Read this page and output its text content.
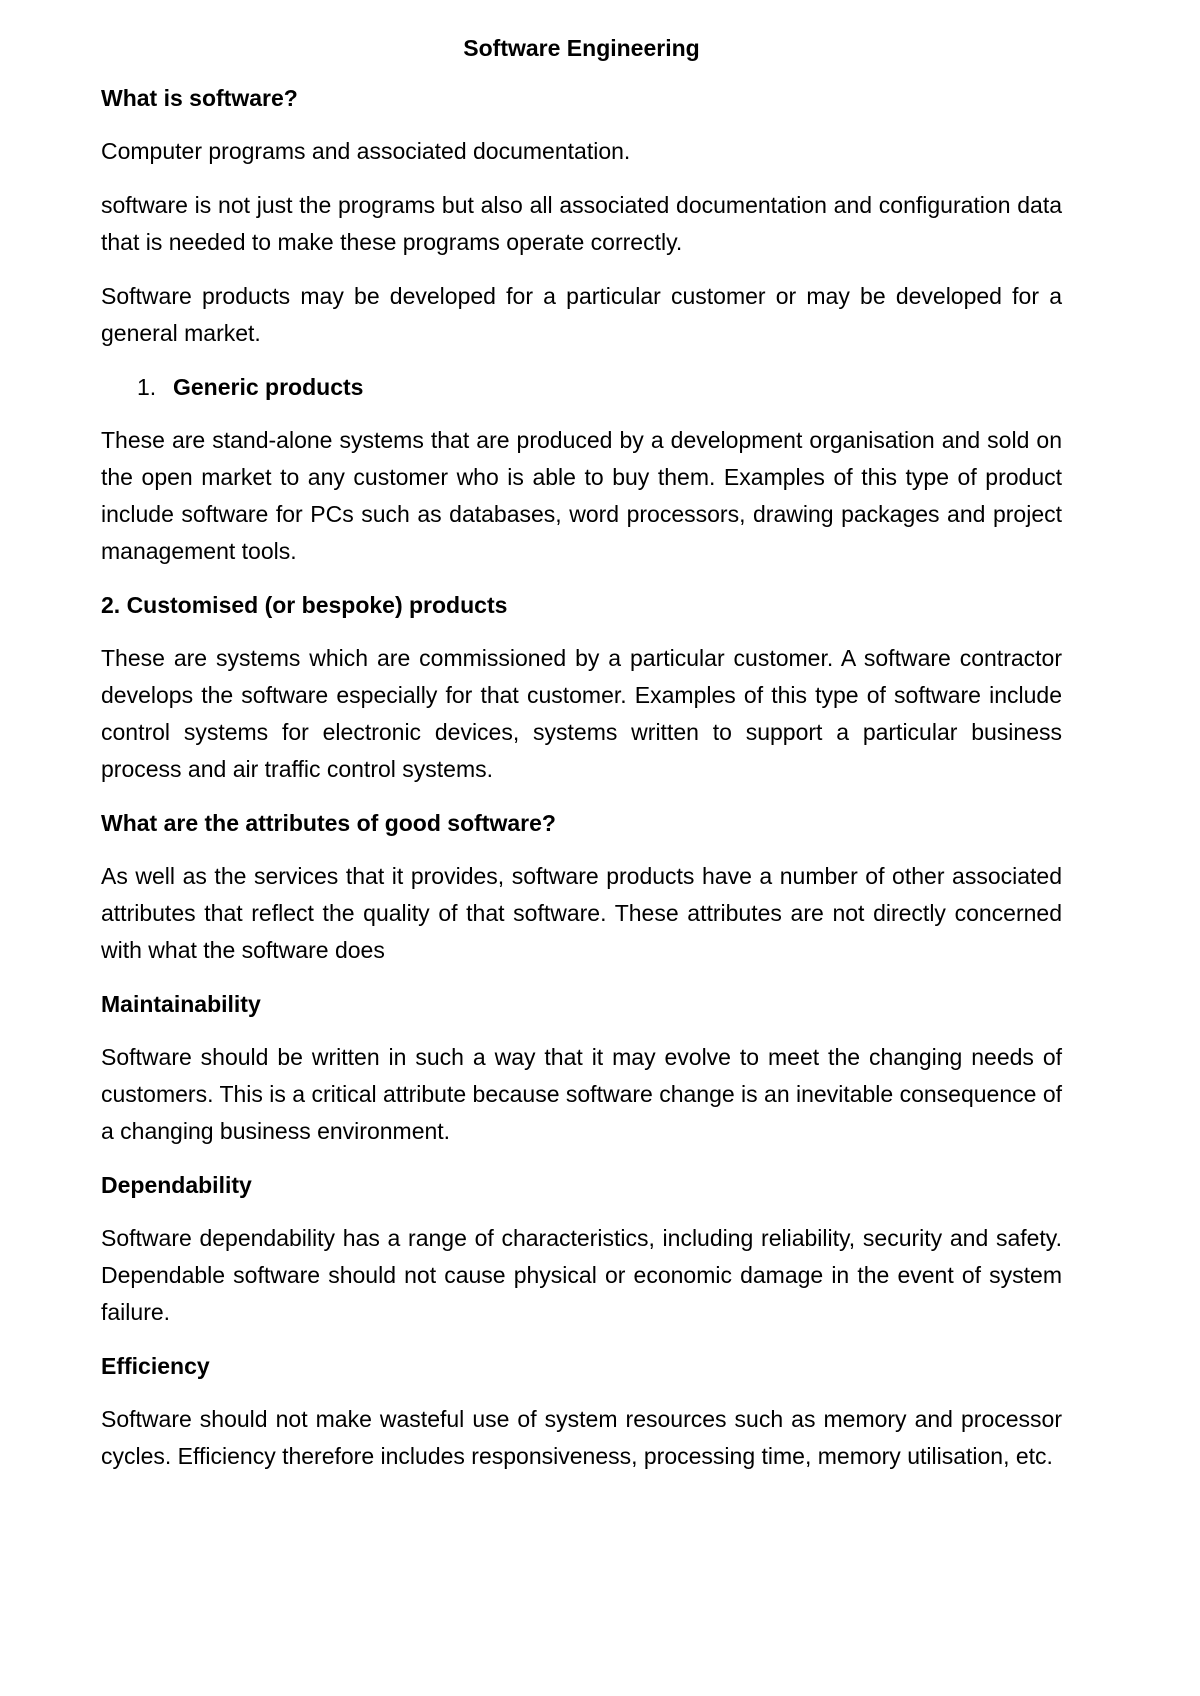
Software Engineering
What is software?
Computer programs and associated documentation.
software is not just the programs but also all associated documentation and configuration data that is needed to make these programs operate correctly.
Software products may be developed for a particular customer or may be developed for a general market.
1. Generic products
These are stand-alone systems that are produced by a development organisation and sold on the open market to any customer who is able to buy them. Examples of this type of product include software for PCs such as databases, word processors, drawing packages and project management tools.
2. Customised (or bespoke) products
These are systems which are commissioned by a particular customer. A software contractor develops the software especially for that customer. Examples of this type of software include control systems for electronic devices, systems written to support a particular business process and air traffic control systems.
What are the attributes of good software?
As well as the services that it provides, software products have a number of other associated attributes that reflect the quality of that software. These attributes are not directly concerned with what the software does
Maintainability
Software should be written in such a way that it may evolve to meet the changing needs of customers. This is a critical attribute because software change is an inevitable consequence of a changing business environment.
Dependability
Software dependability has a range of characteristics, including reliability, security and safety. Dependable software should not cause physical or economic damage in the event of system failure.
Efficiency
Software should not make wasteful use of system resources such as memory and processor cycles. Efficiency therefore includes responsiveness, processing time, memory utilisation, etc.
